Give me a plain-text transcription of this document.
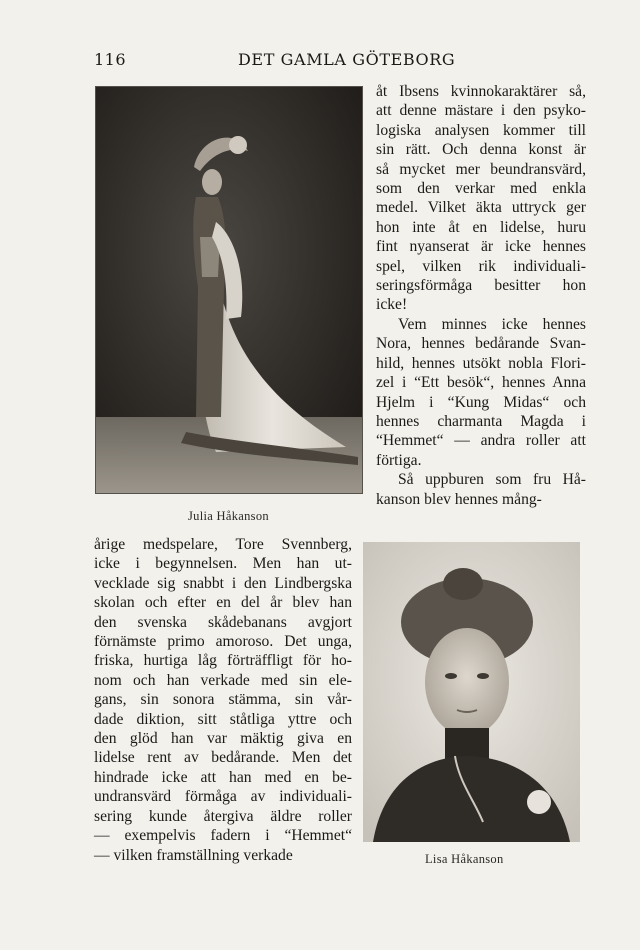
116	DET GAMLA GÖTEBORG
Julia Håkanson
åt Ibsens kvinnokaraktärer så,
att denne mästare i den psyko-
logiska analysen kommer till
sin rätt. Och denna konst är
så mycket mer beundransvärd,
som den verkar med enkla
medel. Vilket äkta uttryck ger
hon inte åt en lidelse, huru
fint nyanserat är icke hennes
spel, vilken rik individuali-
seringsförmåga besitter hon
icke!
Vem minnes icke hennes
Nora, hennes bedårande Svan-
hild, hennes utsökt nobla Flori-
zel i “Ett besök“, hennes Anna
Hjelm i “Kung Midas“ och
hennes charmanta Magda i
“Hemmet“ — andra roller att
förtiga.
Så uppburen som fru Hå-
kanson blev hennes mång-
årige medspelare, Tore Svennberg,
icke i begynnelsen. Men han ut-
vecklade sig snabbt i den Lindbergska
skolan och efter en del år blev han
den svenska skådebanans avgjort
förnämste primo amoroso. Det unga,
friska, hurtiga låg förträffligt för ho-
nom och han verkade med sin ele-
gans, sin sonora stämma, sin vår-
dade diktion, sitt ståtliga yttre och
den glöd han var mäktig giva en
lidelse rent av bedårande. Men det
hindrade icke att han med en be-
undransvärd förmåga av individuali-
sering kunde återgiva äldre roller
— exempelvis fadern i “Hemmet“
— vilken framställning verkade	Lisa Håkanson
